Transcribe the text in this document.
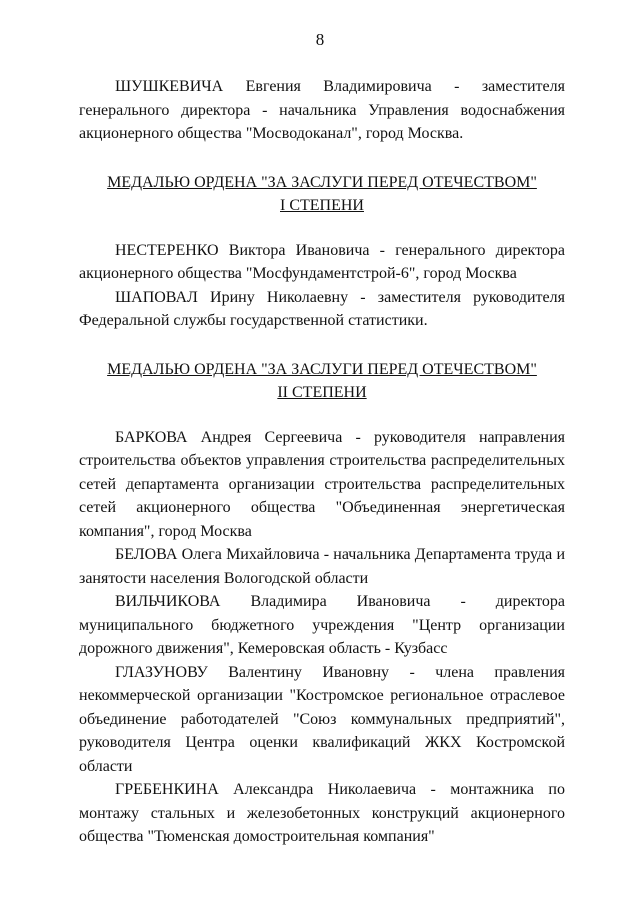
8

ШУШКЕВИЧА Евгения Владимировича - заместителя генерального директора - начальника Управления водоснабжения акционерного общества "Мосводоканал", город Москва.

МЕДАЛЬЮ ОРДЕНА "ЗА ЗАСЛУГИ ПЕРЕД ОТЕЧЕСТВОМ"

I СТЕПЕНИ

НЕСТЕРЕНКО Виктора Ивановича - генерального директора акционерного общества "Мосфундаментстрой-6", город Москва

ШАПОВАЛ Ирину Николаевну - заместителя руководителя Федеральной службы государственной статистики.

МЕДАЛЬЮ ОРДЕНА "ЗА ЗАСЛУГИ ПЕРЕД ОТЕЧЕСТВОМ"

II СТЕПЕНИ

БАРКОВА Андрея Сергеевича - руководителя направления строительства объектов управления строительства распределительных сетей департамента организации строительства распределительных сетей акционерного общества "Объединенная энергетическая компания", город Москва

БЕЛОВА Олега Михайловича - начальника Департамента труда и занятости населения Вологодской области

ВИЛЬЧИКОВА Владимира Ивановича - директора муниципального бюджетного учреждения "Центр организации дорожного движения", Кемеровская область - Кузбасс

ГЛАЗУНОВУ Валентину Ивановну - члена правления некоммерческой организации "Костромское региональное отраслевое объединение работодателей "Союз коммунальных предприятий", руководителя Центра оценки квалификаций ЖКХ Костромской области

ГРЕБЕНКИНА Александра Николаевича - монтажника по монтажу стальных и железобетонных конструкций акционерного общества "Тюменская домостроительная компания"
